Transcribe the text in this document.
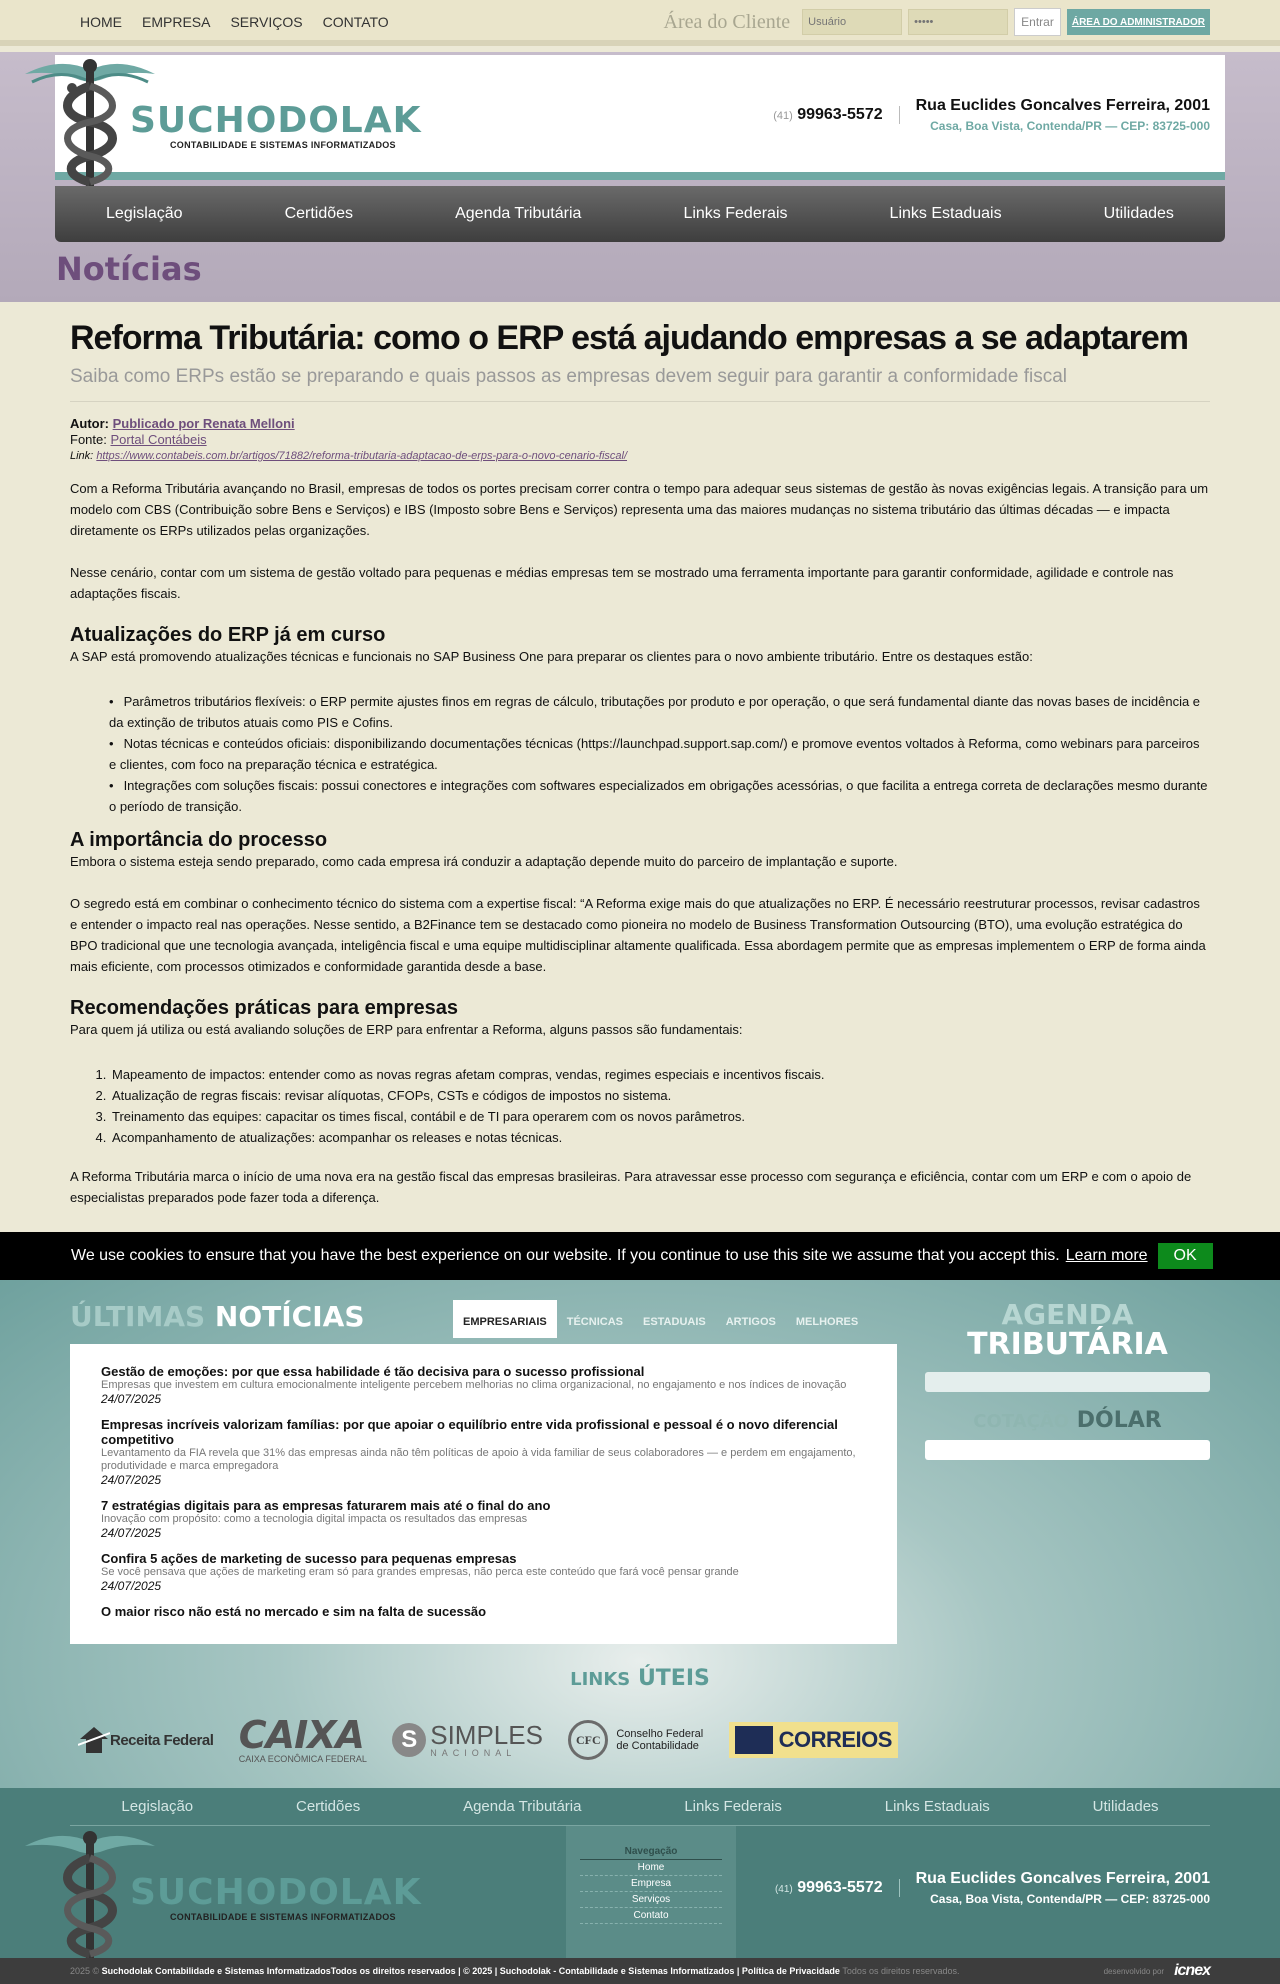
HOME EMPRESA SERVIÇOS CONTATO	Área do Cliente
Usuário	Entrar	ÁREA DO ADMINISTRADOR
(41) 99963-5572
Rua Euclides Goncalves Ferreira, 2001
Casa, Boa Vista, Contenda/PR — CEP: 83725-000
SUCHODOLAK
CONTABILIDADE E SISTEMAS INFORMATIZADOS
Legislação	Certidões	Agenda Tributária	Links Federais	Links Estaduais	Utilidades
Notícias
Reforma Tributária: como o ERP está ajudando empresas a se adaptarem
Saiba como ERPs estão se preparando e quais passos as empresas devem seguir para garantir a conformidade fiscal
Autor: Publicado por Renata Melloni
Fonte: Portal Contábeis
Link: https://www.contabeis.com.br/artigos/71882/reforma-tributaria-adaptacao-de-erps-para-o-novo-cenario-fiscal/

Com a Reforma Tributária avançando no Brasil, empresas de todos os portes precisam correr contra o tempo para adequar seus sistemas de gestão às novas exigências legais. A transição para um modelo com CBS (Contribuição sobre Bens e Serviços) e IBS (Imposto sobre Bens e Serviços) representa uma das maiores mudanças no sistema tributário das últimas décadas — e impacta diretamente os ERPs utilizados pelas organizações.

Nesse cenário, contar com um sistema de gestão voltado para pequenas e médias empresas tem se mostrado uma ferramenta importante para garantir conformidade, agilidade e controle nas adaptações fiscais.

Atualizações do ERP já em curso

A SAP está promovendo atualizações técnicas e funcionais no SAP Business One para preparar os clientes para o novo ambiente tributário. Entre os destaques estão:

• Parâmetros tributários flexíveis: o ERP permite ajustes finos em regras de cálculo, tributações por produto e por operação, o que será fundamental diante das novas bases de incidência e da extinção de tributos atuais como PIS e Cofins.
• Notas técnicas e conteúdos oficiais: disponibilizando documentações técnicas (https://launchpad.support.sap.com/) e promove eventos voltados à Reforma, como webinars para parceiros e clientes, com foco na preparação técnica e estratégica.
• Integrações com soluções fiscais: possui conectores e integrações com softwares especializados em obrigações acessórias, o que facilita a entrega correta de declarações mesmo durante o período de transição.
A importância do processo

Embora o sistema esteja sendo preparado, como cada empresa irá conduzir a adaptação depende muito do parceiro de implantação e suporte.

O segredo está em combinar o conhecimento técnico do sistema com a expertise fiscal: “A Reforma exige mais do que atualizações no ERP. É necessário reestruturar processos, revisar cadastros e entender o impacto real nas operações. Nesse sentido, a B2Finance tem se destacado como pioneira no modelo de Business Transformation Outsourcing (BTO), uma evolução estratégica do BPO tradicional que une tecnologia avançada, inteligência fiscal e uma equipe multidisciplinar altamente qualificada. Essa abordagem permite que as empresas implementem o ERP de forma ainda mais eficiente, com processos otimizados e conformidade garantida desde a base.

Recomendações práticas para empresas

Para quem já utiliza ou está avaliando soluções de ERP para enfrentar a Reforma, alguns passos são fundamentais:

1. Mapeamento de impactos: entender como as novas regras afetam compras, vendas, regimes especiais e incentivos fiscais.
2. Atualização de regras fiscais: revisar alíquotas, CFOPs, CSTs e códigos de impostos no sistema.
3. Treinamento das equipes: capacitar os times fiscal, contábil e de TI para operarem com os novos parâmetros.
4. Acompanhamento de atualizações: acompanhar os releases e notas técnicas.

A Reforma Tributária marca o início de uma nova era na gestão fiscal das empresas brasileiras. Para atravessar esse processo com segurança e eficiência, contar com um ERP e com o apoio de especialistas preparados pode fazer toda a diferença.

We use cookies to ensure that you have the best experience on our website. If you continue to use this site we assume that you accept this. Learn more	OK
ÚLTIMAS NOTÍCIAS	EMPRESARIAIS	TÉCNICAS	ESTADUAIS	ARTIGOS	MELHORES
Gestão de emoções: por que essa habilidade é tão decisiva para o sucesso profissional
Empresas que investem em cultura emocionalmente inteligente percebem melhorias no clima organizacional, no engajamento e nos índices de inovação
24/07/2025
Empresas incríveis valorizam famílias: por que apoiar o equilíbrio entre vida profissional e pessoal é o novo diferencial competitivo
Levantamento da FIA revela que 31% das empresas ainda não têm políticas de apoio à vida familiar de seus colaboradores — e perdem em engajamento, produtividade e marca empregadora
24/07/2025
7 estratégias digitais para as empresas faturarem mais até o final do ano
Inovação com propósito: como a tecnologia digital impacta os resultados das empresas
24/07/2025
Confira 5 ações de marketing de sucesso para pequenas empresas
Se você pensava que ações de marketing eram só para grandes empresas, não perca este conteúdo que fará você pensar grande
24/07/2025
O maior risco não está no mercado e sim na falta de sucessão
AGENDA
TRIBUTÁRIA
COTAÇÃO DÓLAR
LINKS ÚTEIS
Receita Federal CAIXA
CAIXA ECONÔMICA FEDERAL
S SIMPLES
NACIONAL
CFC	Conselho Federal
de Contabilidade	CORREIOS
Legislação	Certidões	Agenda Tributária	Links Federais	Links Estaduais	Utilidades
SUCHODOLAK
CONTABILIDADE E SISTEMAS INFORMATIZADOS
Navegação
Home
Empresa
Serviços
Contato
(41) 99963-5572
Rua Euclides Goncalves Ferreira, 2001
Casa, Boa Vista, Contenda/PR — CEP: 83725-000
2025 ©
Suchodolak Contabilidade e Sistemas Informatizados Todos os direitos reservados | © 2025 | Suchodolak - Contabilidade e Sistemas Informatizados | Política de Privacidade
Todos os direitos reservados.	desenvolvido por icnex
